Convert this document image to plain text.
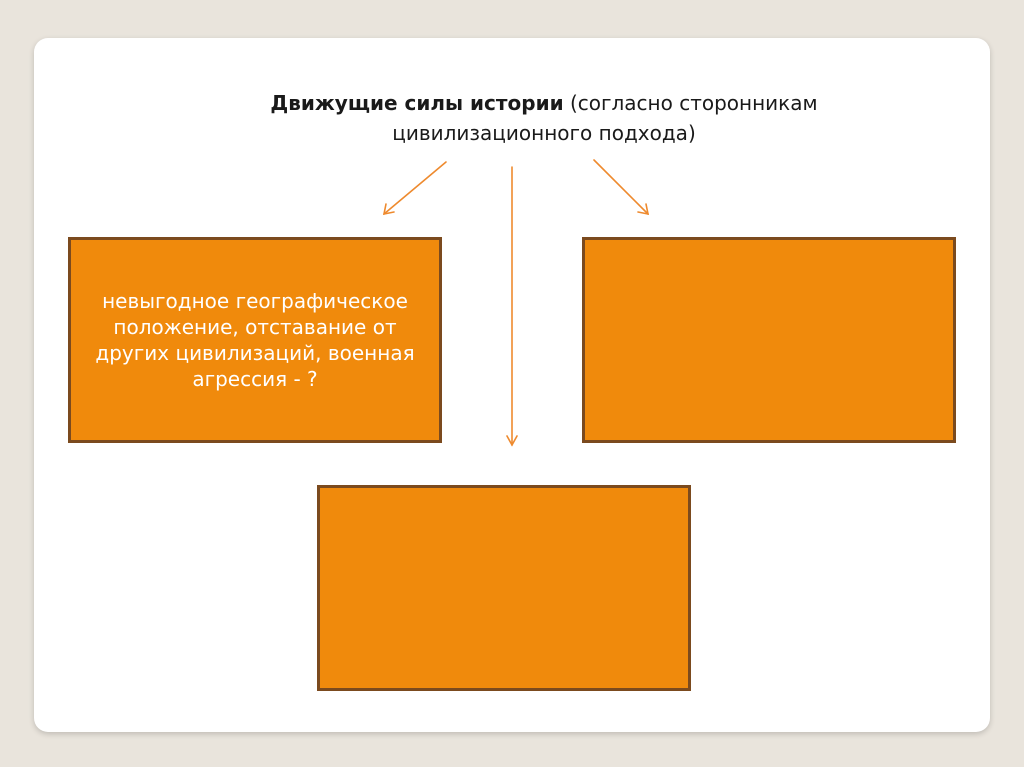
Движущие силы истории (согласно сторонникам цивилизационного подхода)
невыгодное географическое положение, отставание от других цивилизаций, военная агрессия - ?
